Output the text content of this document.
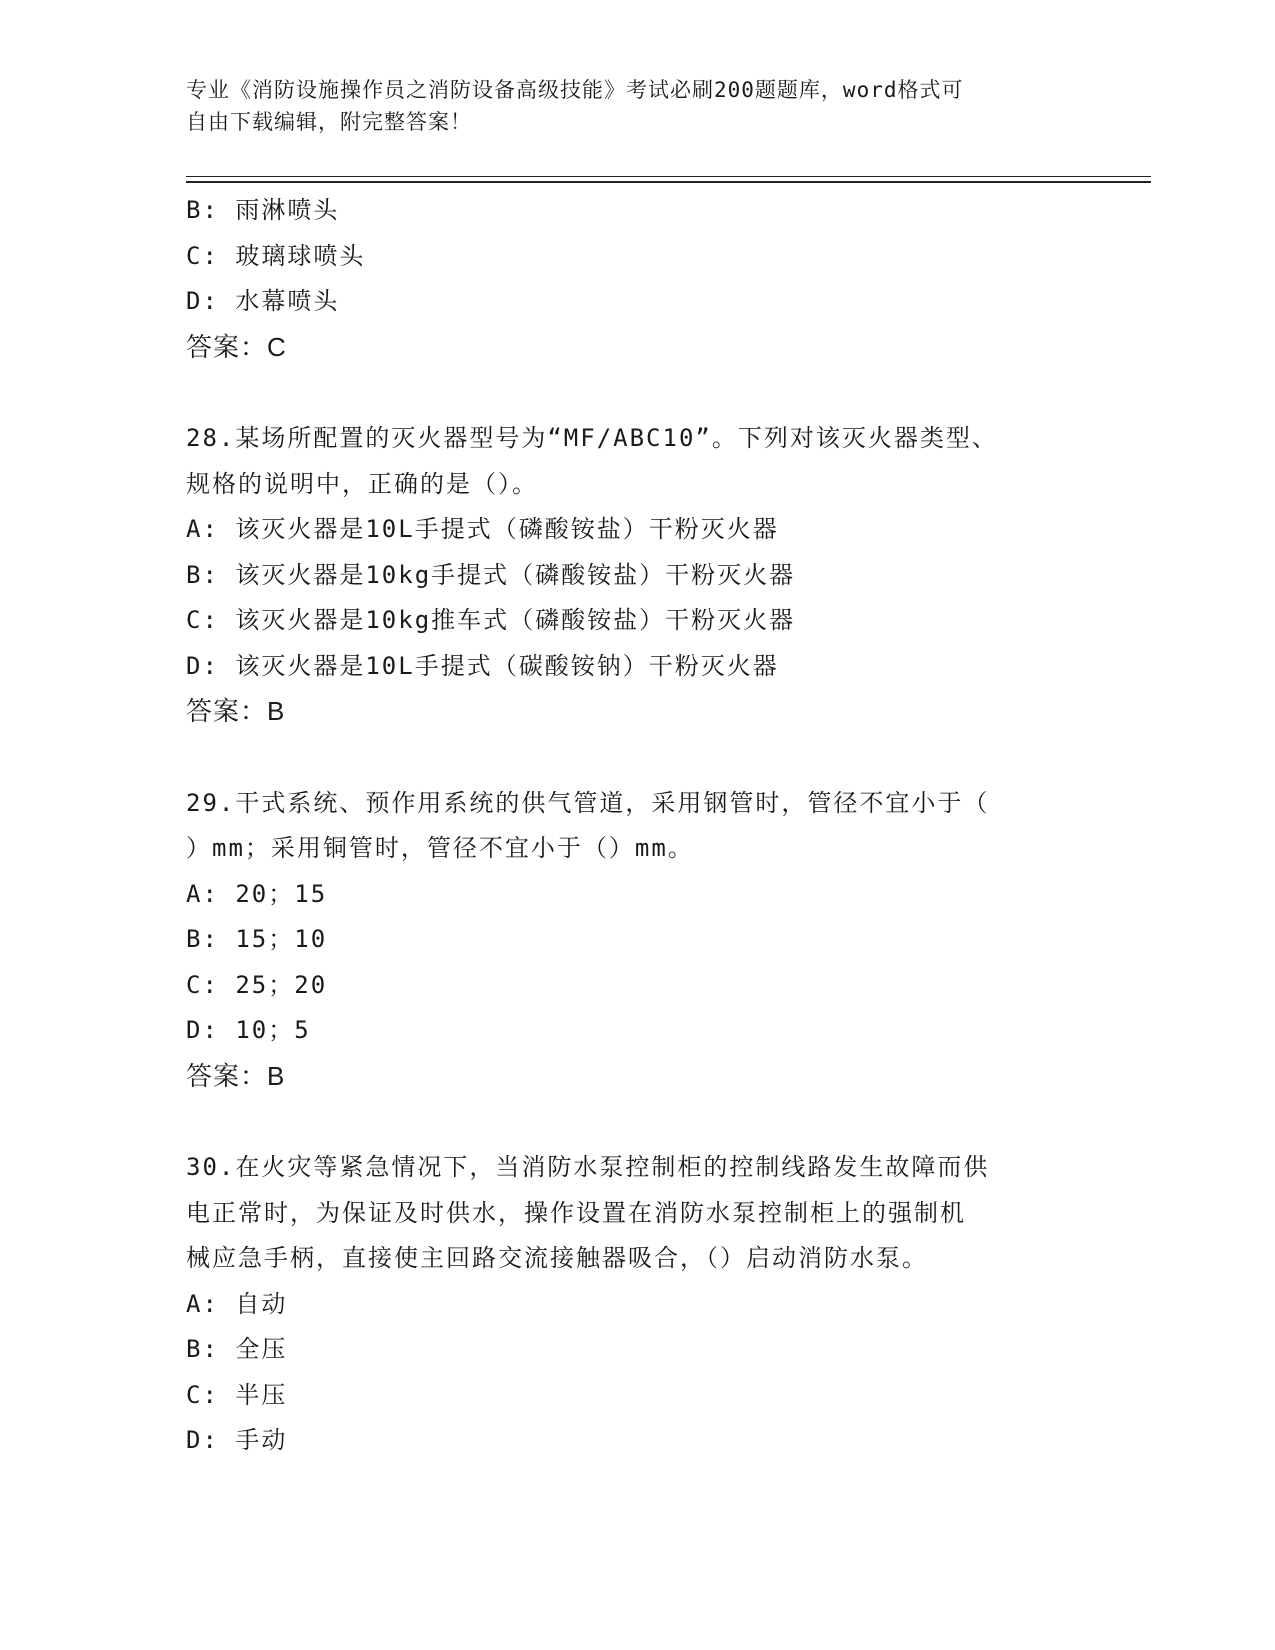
专业《消防设施操作员之消防设备高级技能》考试必刷200题题库，word格式可
自由下载编辑，附完整答案！
B: 雨淋喷头
C: 玻璃球喷头
D: 水幕喷头
答案：C
28.某场所配置的灭火器型号为“MF/ABC10”。下列对该灭火器类型、
规格的说明中，正确的是（）。
A: 该灭火器是10L手提式（磷酸铵盐）干粉灭火器
B: 该灭火器是10kg手提式（磷酸铵盐）干粉灭火器
C: 该灭火器是10kg推车式（磷酸铵盐）干粉灭火器
D: 该灭火器是10L手提式（碳酸铵钠）干粉灭火器
答案：B
29.干式系统、预作用系统的供气管道，采用钢管时，管径不宜小于（
）mm；采用铜管时，管径不宜小于（）mm。
A: 20；15
B: 15；10
C: 25；20
D: 10；5
答案：B
30.在火灾等紧急情况下，当消防水泵控制柜的控制线路发生故障而供
电正常时，为保证及时供水，操作设置在消防水泵控制柜上的强制机
械应急手柄，直接使主回路交流接触器吸合，（）启动消防水泵。
A: 自动
B: 全压
C: 半压
D: 手动
